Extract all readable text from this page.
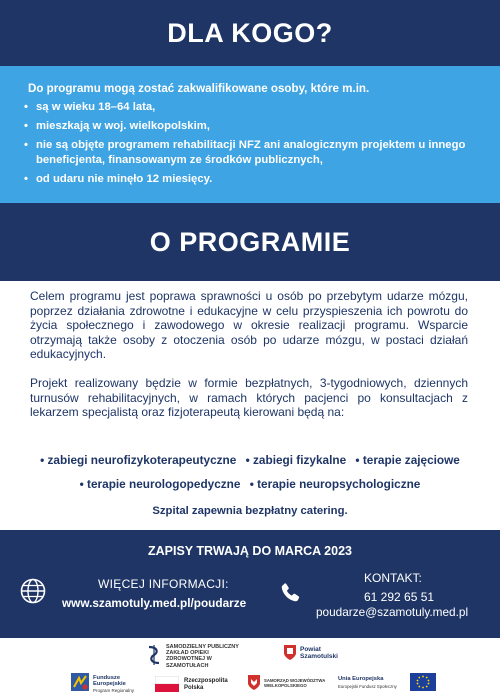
DLA KOGO?
Do programu mogą zostać zakwalifikowane osoby, które m.in.
• są w wieku 18–64 lata,
• mieszkają w woj. wielkopolskim,
• nie są objęte programem rehabilitacji NFZ ani analogicznym projektem u innego beneficjenta, finansowanym ze środków publicznych,
• od udaru nie minęło 12 miesięcy.
O PROGRAMIE

Celem programu jest poprawa sprawności u osób po przebytym udarze mózgu, poprzez działania zdrowotne i edukacyjne w celu przyspieszenia ich powrotu do życia społecznego i zawodowego w okresie realizacji programu. Wsparcie otrzymają także osoby z otoczenia osób po udarze mózgu, w postaci działań edukacyjnych.

Projekt realizowany będzie w formie bezpłatnych, 3-tygodniowych, dziennych turnusów rehabilitacyjnych, w ramach których pacjenci po konsultacjach z lekarzem specjalistą oraz fizjoterapeutą kierowani będą na:

• zabiegi neurofizykoterapeutyczne • zabiegi fizykalne • terapie zajęciowe
• terapie neurologopedyczne • terapie neuropsychologiczne
Szpital zapewnia bezpłatny catering.
ZAPISY TRWAJĄ DO MARCA 2023
WIĘCEJ INFORMACJI:
www.szamotuly.med.pl/poudarze
KONTAKT:
61 292 65 51
poudarze@szamotuly.med.pl
SAMODZIELNY PUBLICZNY ZAKŁAD OPIEKI ZDROWOTNEJ W SZAMOTUŁACH
Powiat Szamotulski
Fundusze Europejskie
Program Regionalny
Rzeczpospolita Polska
SAMORZĄD WOJEWÓDZTWA WIELKOPOLSKIEGO
Unia Europejska
Europejski Fundusz Społeczny
